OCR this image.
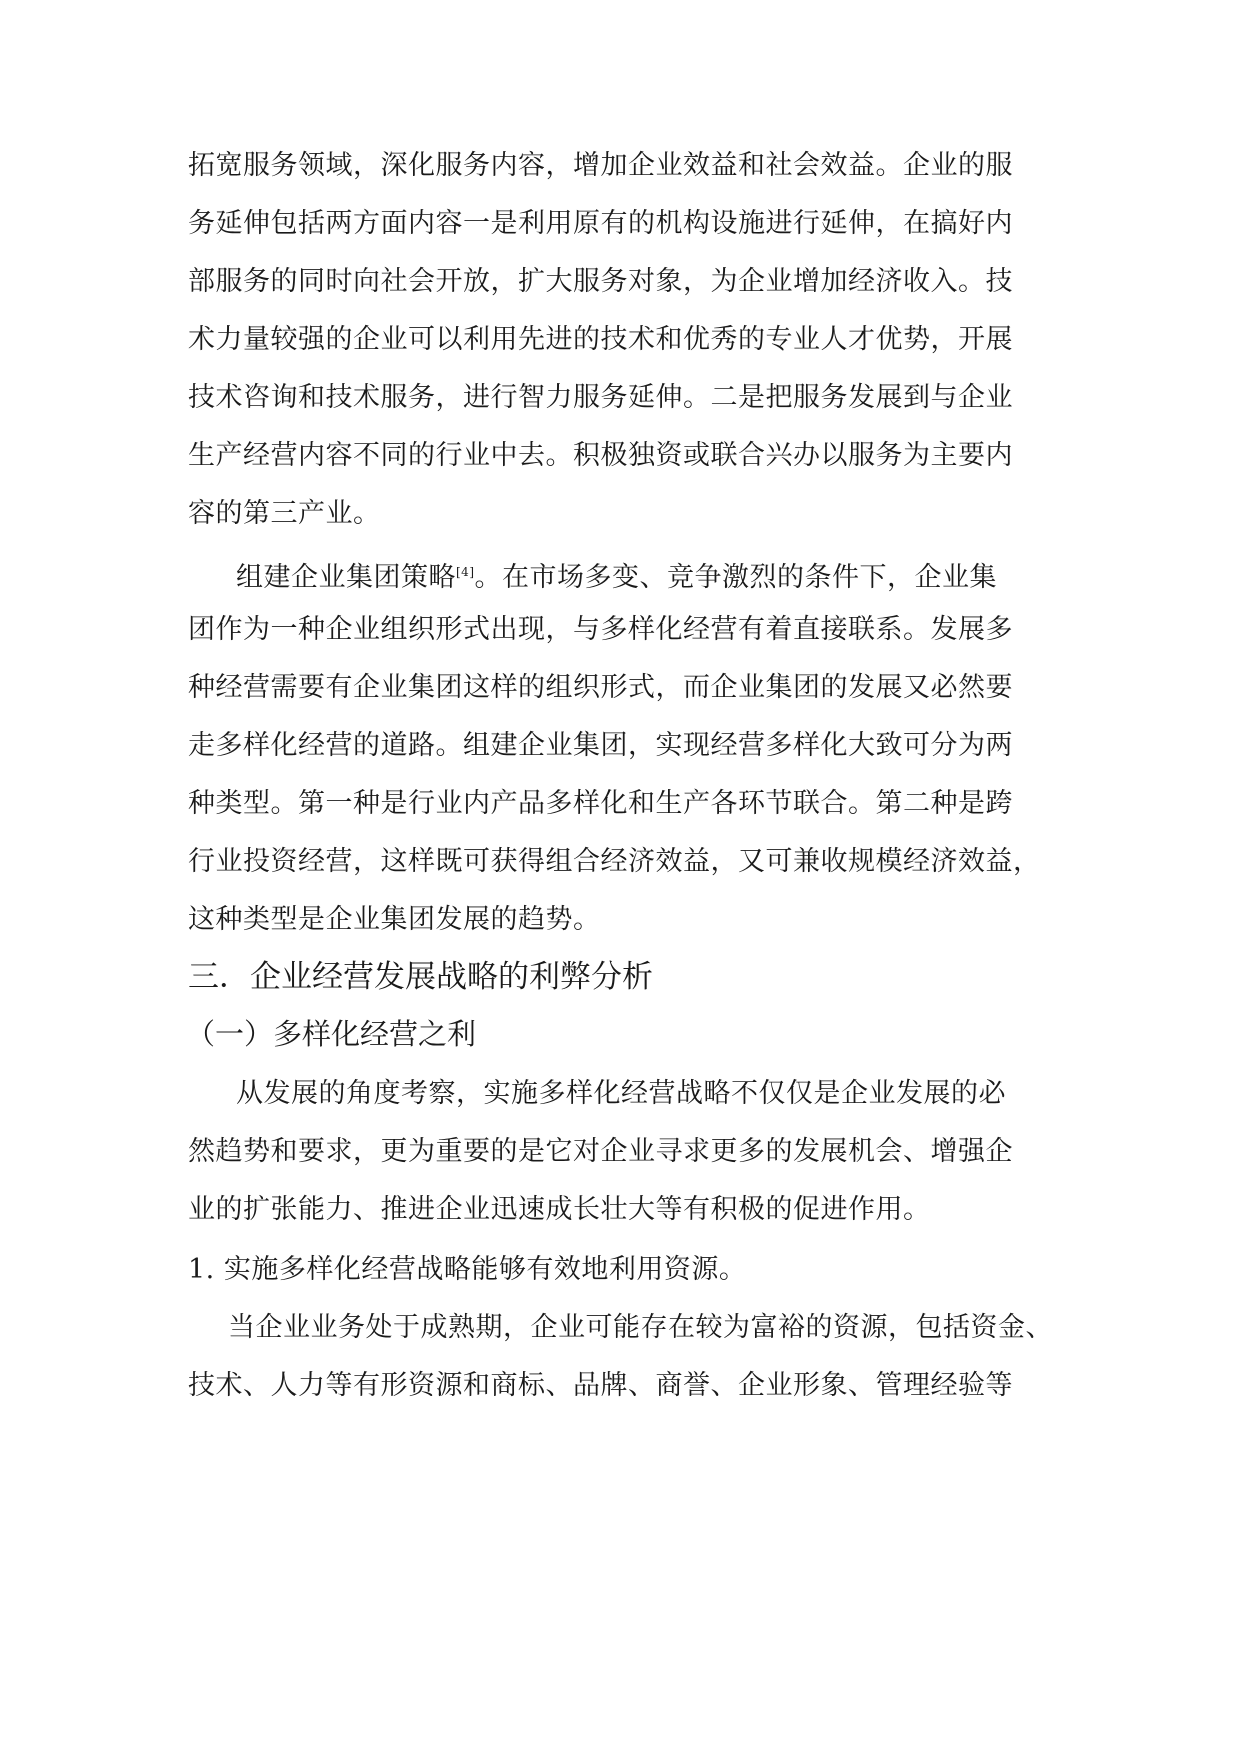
拓宽服务领域，深化服务内容，增加企业效益和社会效益。企业的服
务延伸包括两方面内容一是利用原有的机构设施进行延伸，在搞好内
部服务的同时向社会开放，扩大服务对象，为企业增加经济收入。技
术力量较强的企业可以利用先进的技术和优秀的专业人才优势，开展
技术咨询和技术服务，进行智力服务延伸。二是把服务发展到与企业
生产经营内容不同的行业中去。积极独资或联合兴办以服务为主要内
容的第三产业。
组建企业集团策略[4]。在市场多变、竞争激烈的条件下，企业集
团作为一种企业组织形式出现，与多样化经营有着直接联系。发展多
种经营需要有企业集团这样的组织形式，而企业集团的发展又必然要
走多样化经营的道路。组建企业集团，实现经营多样化大致可分为两
种类型。第一种是行业内产品多样化和生产各环节联合。第二种是跨
行业投资经营，这样既可获得组合经济效益，又可兼收规模经济效益，
这种类型是企业集团发展的趋势。
三．企业经营发展战略的利弊分析
（一）多样化经营之利
从发展的角度考察，实施多样化经营战略不仅仅是企业发展的必
然趋势和要求，更为重要的是它对企业寻求更多的发展机会、增强企
业的扩张能力、推进企业迅速成长壮大等有积极的促进作用。
1. 实施多样化经营战略能够有效地利用资源。
当企业业务处于成熟期，企业可能存在较为富裕的资源，包括资金、
技术、人力等有形资源和商标、品牌、商誉、企业形象、管理经验等
